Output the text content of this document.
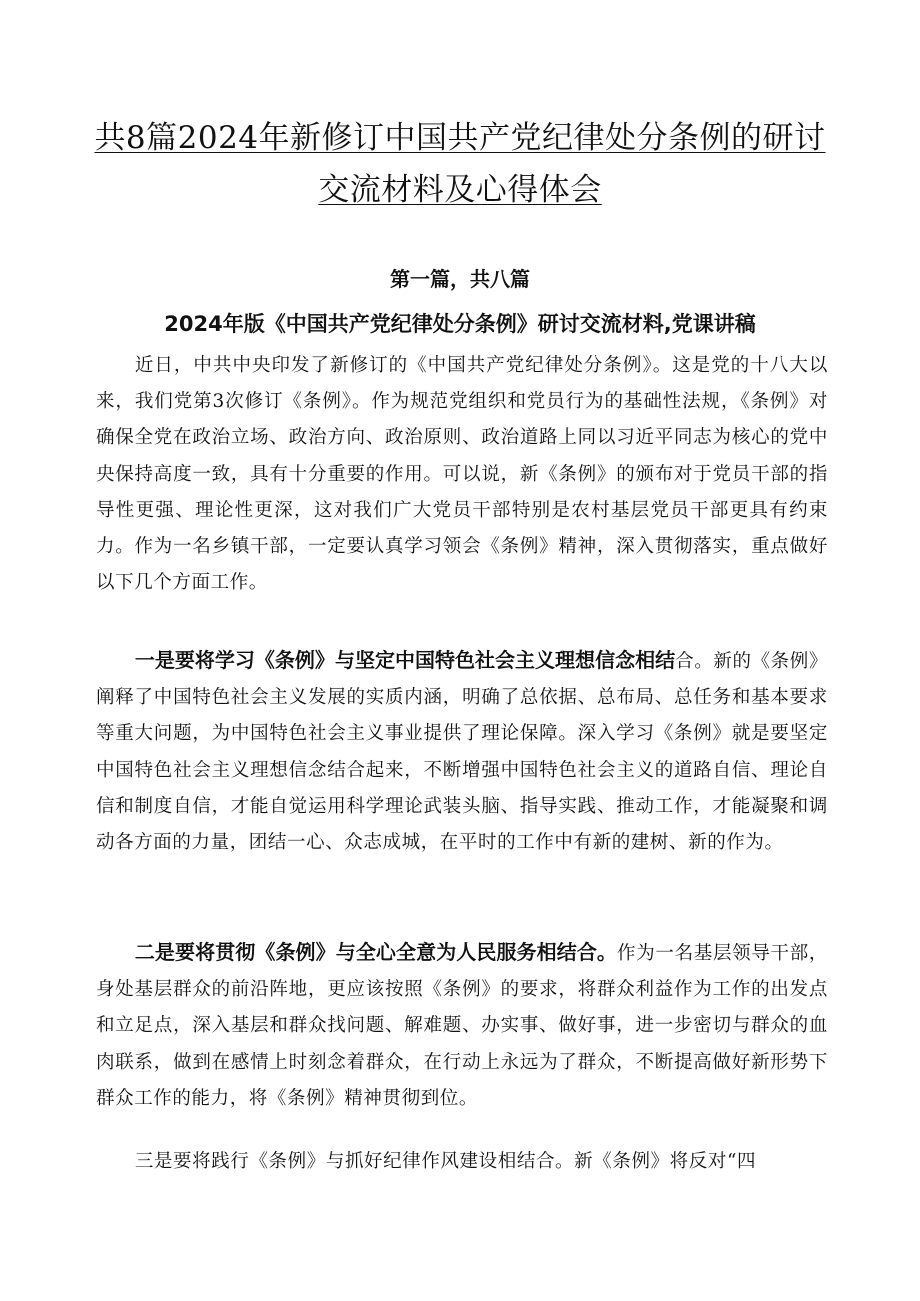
共8篇2024年新修订中国共产党纪律处分条例的研讨交流材料及心得体会
第一篇，共八篇
2024年版《中国共产党纪律处分条例》研讨交流材料,党课讲稿

近日，中共中央印发了新修订的《中国共产党纪律处分条例》。这是党的十八大以来，我们党第3次修订《条例》。作为规范党组织和党员行为的基础性法规，《条例》对确保全党在政治立场、政治方向、政治原则、政治道路上同以习近平同志为核心的党中央保持高度一致，具有十分重要的作用。可以说，新《条例》的颁布对于党员干部的指导性更强、理论性更深，这对我们广大党员干部特别是农村基层党员干部更具有约束力。作为一名乡镇干部，一定要认真学习领会《条例》精神，深入贯彻落实，重点做好以下几个方面工作。

一是要将学习《条例》与坚定中国特色社会主义理想信念相结合。新的《条例》阐释了中国特色社会主义发展的实质内涵，明确了总依据、总布局、总任务和基本要求等重大问题，为中国特色社会主义事业提供了理论保障。深入学习《条例》就是要坚定中国特色社会主义理想信念结合起来，不断增强中国特色社会主义的道路自信、理论自信和制度自信，才能自觉运用科学理论武装头脑、指导实践、推动工作，才能凝聚和调动各方面的力量，团结一心、众志成城，在平时的工作中有新的建树、新的作为。

二是要将贯彻《条例》与全心全意为人民服务相结合。作为一名基层领导干部，身处基层群众的前沿阵地，更应该按照《条例》的要求，将群众利益作为工作的出发点和立足点，深入基层和群众找问题、解难题、办实事、做好事，进一步密切与群众的血肉联系，做到在感情上时刻念着群众，在行动上永远为了群众，不断提高做好新形势下群众工作的能力，将《条例》精神贯彻到位。

三是要将践行《条例》与抓好纪律作风建设相结合。新《条例》将反对“四
